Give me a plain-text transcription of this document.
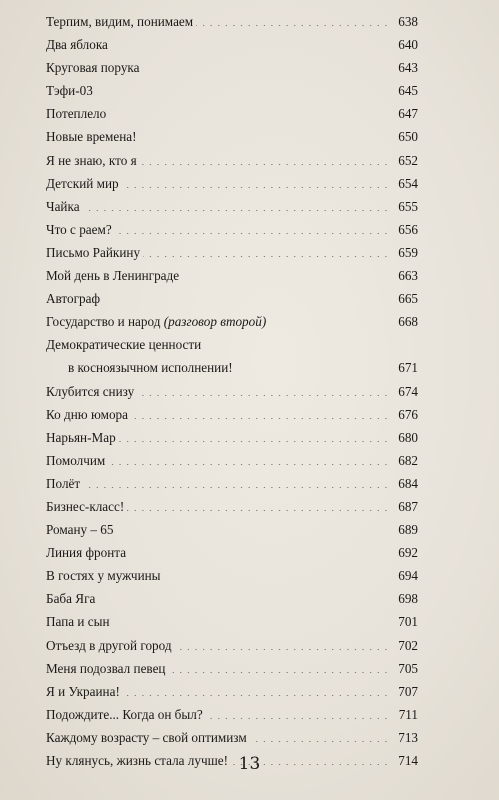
Терпим, видим, понимаем . . .	638
Два яблока . . .	640
Круговая порука . . .	643
Тэфи-03 . . .	645
Потеплело . . .	647
Новые времена! . . .	650
Я не знаю, кто я . . .	652
Детский мир . . .	654
Чайка . . .	655
Что с раем? . . .	656
Письмо Райкину . . .	659
Мой день в Ленинграде . . .	663
Автограф . . .	665
Государство и народ (разговор второй) . . .	668
Демократические ценности
в косноязычном исполнении! . . .	671
Клубится снизу . . .	674
Ко дню юмора . . .	676
Нарьян-Мар . . .	680
Помолчим . . .	682
Полёт . . .	684
Бизнес-класс! . . .	687
Роману – 65 . . .	689
Линия фронта . . .	692
В гостях у мужчины . . .	694
Баба Яга . . .	698
Папа и сын . . .	701
Отъезд в другой город . . .	702
Меня подозвал певец . . .	705
Я и Украина! . . .	707
Подождите... Когда он был? . . .	711
Каждому возрасту – свой оптимизм . . .	713
Ну клянусь, жизнь стала лучше! . . .	714
13
